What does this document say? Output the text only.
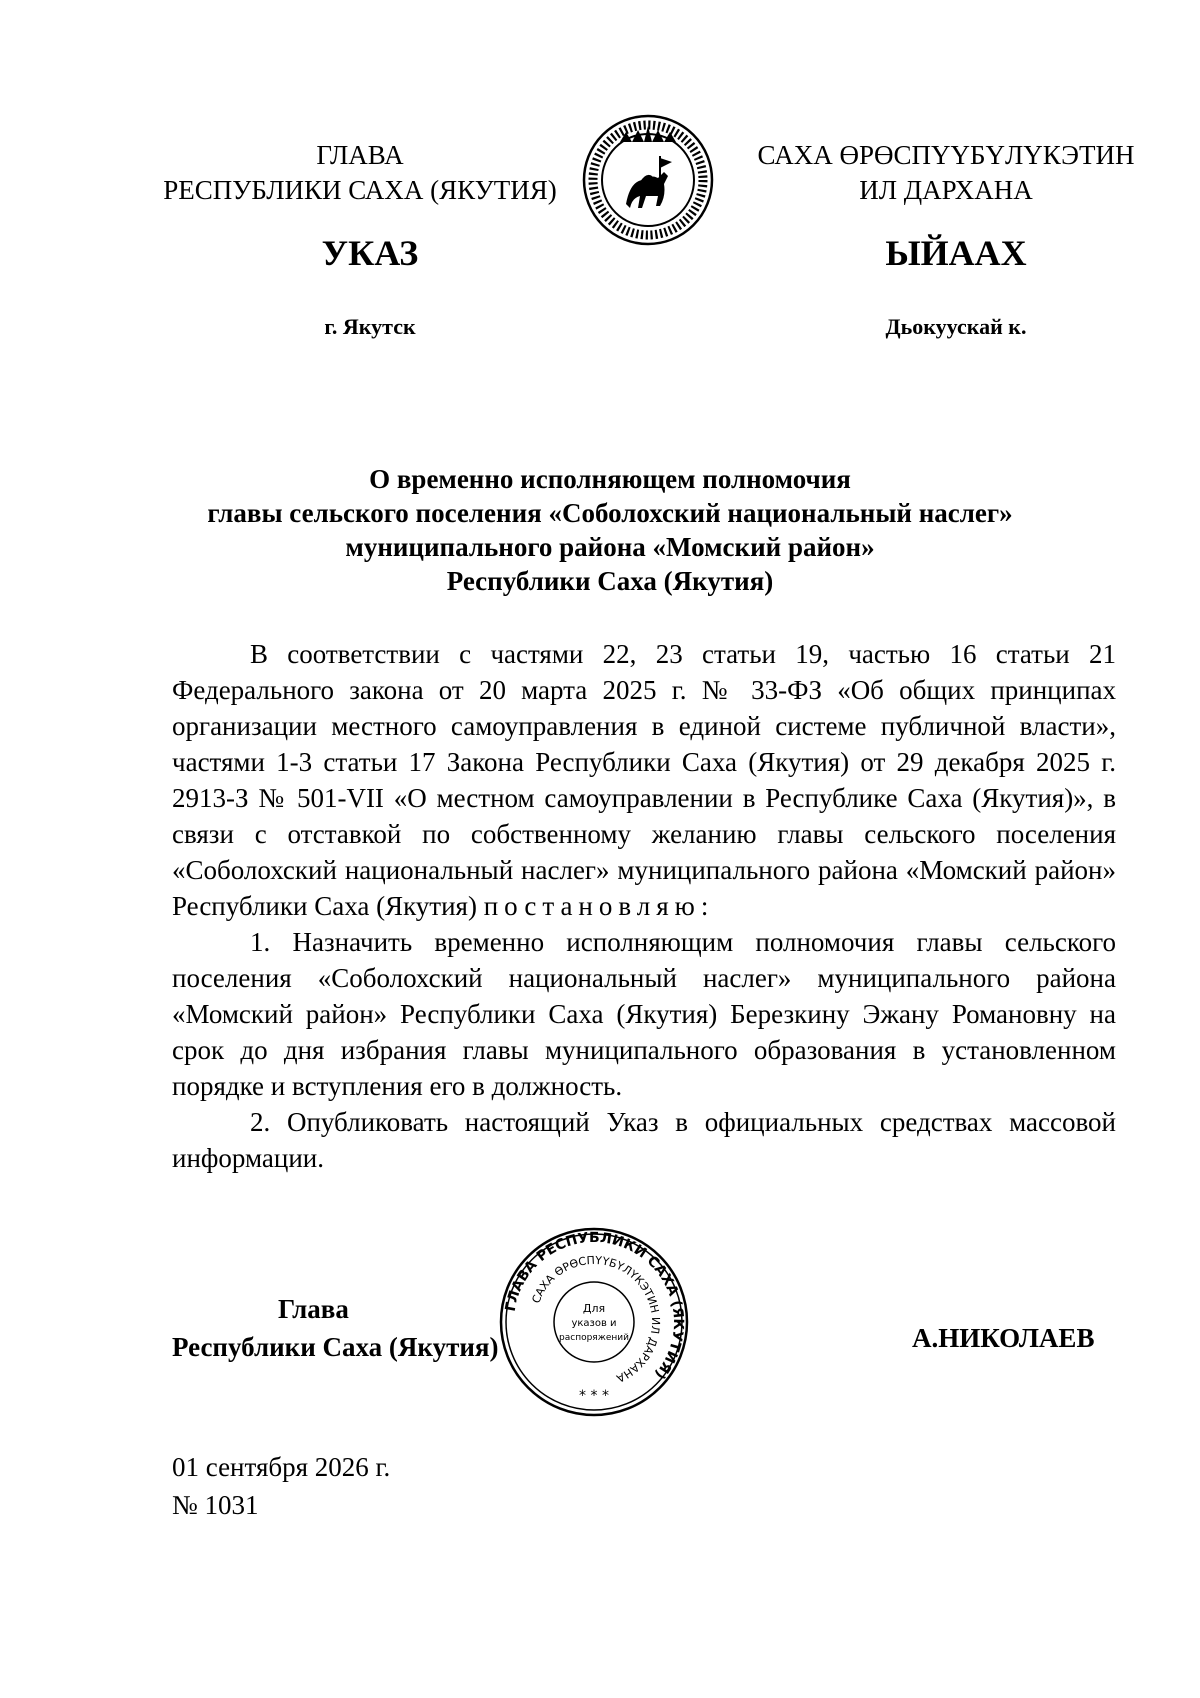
ГЛАВА
РЕСПУБЛИКИ САХА (ЯКУТИЯ)
САХА ӨРӨСПҮҮБҮЛҮКЭТИН
ИЛ ДАРХАНА
УКАЗ	ЫЙААХ
г. Якутск	Дьокуускай к.
О временно исполняющем полномочия
главы сельского поселения «Соболохский национальный наслег»
муниципального района «Момский район»
Республики Саха (Якутия)

В соответствии с частями 22, 23 статьи 19, частью 16 статьи 21 Федерального закона от 20 марта 2025 г. № 33-ФЗ «Об общих принципах организации местного самоуправления в единой системе публичной власти», частями 1-3 статьи 17 Закона Республики Саха (Якутия) от 29 декабря 2025 г. 2913-З № 501-VII «О местном самоуправлении в Республике Саха (Якутия)», в связи с отставкой по собственному желанию главы сельского поселения «Соболохский национальный наслег» муниципального района «Момский район» Республики Саха (Якутия) постановляю:

1. Назначить временно исполняющим полномочия главы сельского поселения «Соболохский национальный наслег» муниципального района «Момский район» Республики Саха (Якутия) Березкину Эжану Романовну на срок до дня избрания главы муниципального образования в установленном порядке и вступления его в должность.

2. Опубликовать настоящий Указ в официальных средствах массовой информации.

Глава
Республики Саха (Якутия)
ГЛАВА РЕСПУБЛИКИ САХА (ЯКУТИЯ)
САХА ӨРӨСПҮҮБҮЛҮКЭТИН ИЛ ДАРХАНА
Для
указов и
распоряжений
* * *
А.НИКОЛАЕВ
01 сентября 2026 г.
№ 1031
